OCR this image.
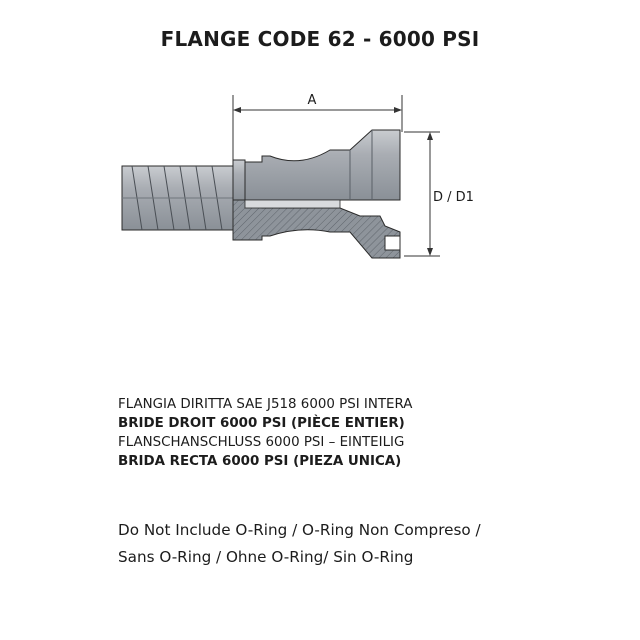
FLANGE CODE 62 - 6000 PSI
A
D / D1
FLANGIA DIRITTA SAE J518 6000 PSI INTERA
BRIDE DROIT 6000 PSI (PIÈCE ENTIER)
FLANSCHANSCHLUSS 6000 PSI – EINTEILIG
BRIDA RECTA 6000 PSI (PIEZA UNICA)
Do Not Include O-Ring / O-Ring Non Compreso /
Sans O-Ring / Ohne O-Ring/ Sin O-Ring
